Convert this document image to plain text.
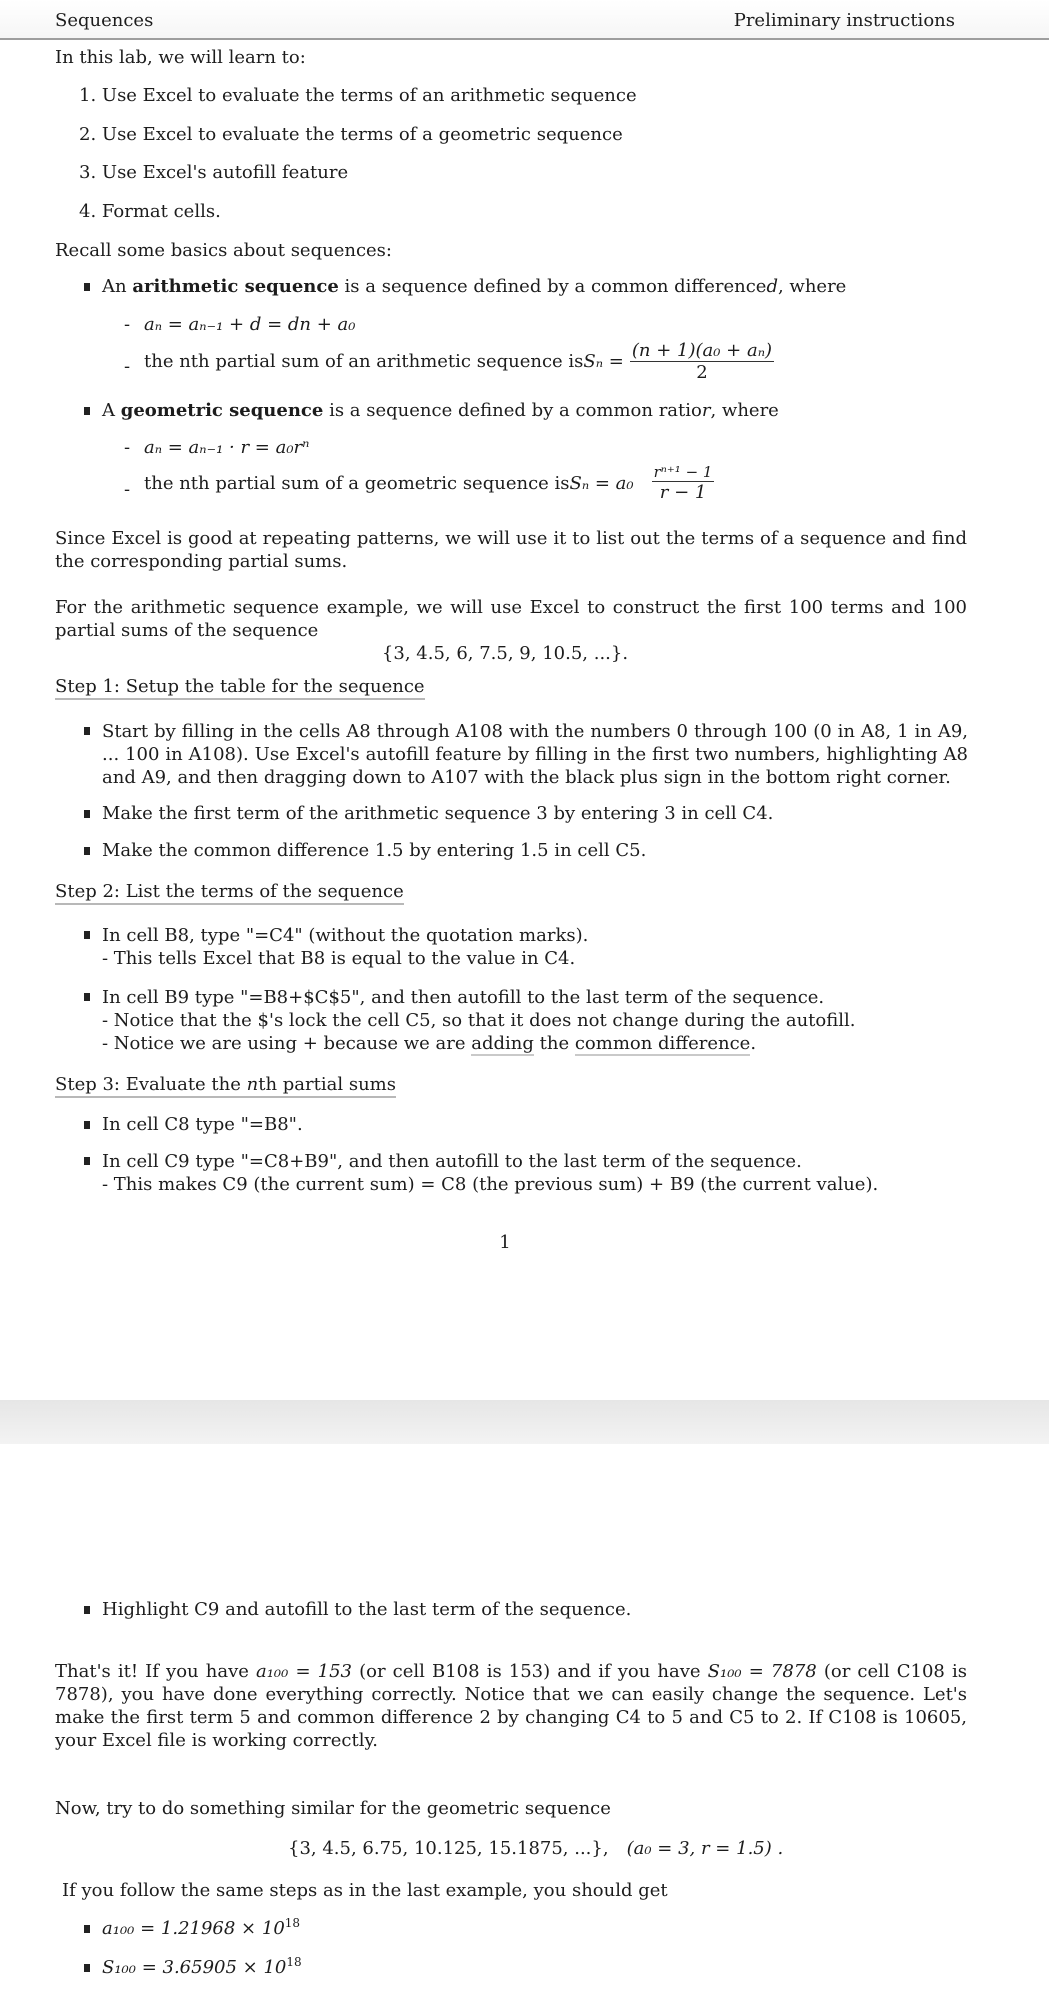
Sequences	Preliminary instructions
In this lab, we will learn to:
1. Use Excel to evaluate the terms of an arithmetic sequence
2. Use Excel to evaluate the terms of a geometric sequence
3. Use Excel's autofill feature
4. Format cells.
Recall some basics about sequences:
An arithmetic sequence is a sequence defined by a common differenced, where
- aₙ = aₙ₋₁ + d = dn + a₀
- the nth partial sum of an arithmetic sequence $isS_n = \frac{\text{(n + 1)(a₀ + aₙ)}}{2}$
A geometric sequence is a sequence defined by a common ratior, where
- aₙ = aₙ₋₁ · r = a₀rⁿ
- the nth partial sum of a geometric sequence $isS_n = a_0 \frac{\text{rⁿ⁺¹ − 1}}{r - 1}$
Since Excel is good at repeating patterns, we will use it to list out the terms of a sequence and find the corresponding partial sums.
For the arithmetic sequence example, we will use Excel to construct the first 100 terms and 100 partial sums of the sequence
{3, 4.5, 6, 7.5, 9, 10.5, ...}.
Step 1: Setup the table for the sequence
Start by filling in the cells A8 through A108 with the numbers 0 through 100 (0 in A8, 1 in A9, ... 100 in A108). Use Excel's autofill feature by filling in the first two numbers, highlighting A8 and A9, and then dragging down to A107 with the black plus sign in the bottom right corner.
Make the first term of the arithmetic sequence 3 by entering 3 in cell C4.
Make the common difference 1.5 by entering 1.5 in cell C5.
Step 2: List the terms of the sequence
In cell B8, type "=C4" (without the quotation marks).
- This tells Excel that B8 is equal to the value in C4.
In cell B9 type "=B8+$C$5", and then autofill to the last term of the sequence.
- Notice that the $'s lock the cell C5, so that it does not change during the autofill.
- Notice we are using + because we are adding the common difference.
Step 3: Evaluate the nth partial sums
In cell C8 type "=B8".
In cell C9 type "=C8+B9", and then autofill to the last term of the sequence.
- This makes C9 (the current sum) = C8 (the previous sum) + B9 (the current value).
1
Highlight C9 and autofill to the last term of the sequence.
That's it! If you have a₁₀₀ = 153 (or cell B108 is 153) and if you have S₁₀₀ = 7878 (or cell C108 is 7878), you have done everything correctly. Notice that we can easily change the sequence. Let's make the first term 5 and common difference 2 by changing C4 to 5 and C5 to 2. If C108 is 10605, your Excel file is working correctly.
Now, try to do something similar for the geometric sequence
{3, 4.5, 6.75, 10.125, 15.1875, ...}, (a₀ = 3, r = 1.5) .
If you follow the same steps as in the last example, you should get
$a_{100} = 1.21968 \times 10^{18}$
$S_{100} = 3.65905 \times 10^{18}$
